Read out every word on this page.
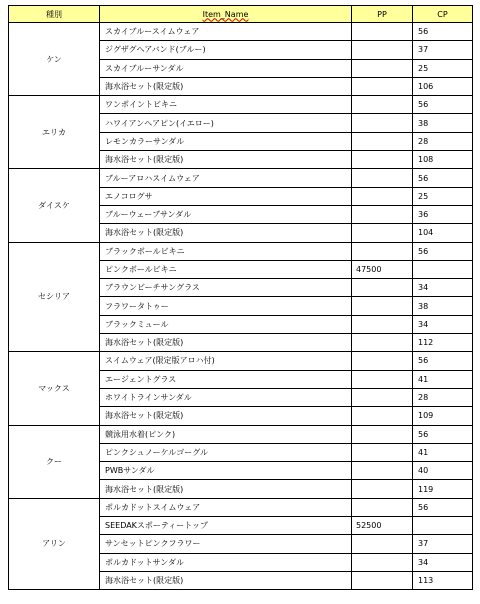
種別	Item_Name	PP	CP
ケン	スカイブルースイムウェア		56
	ジグザグヘアバンド(ブルー)		37
	スカイブルーサンダル		25
	海水浴セット(限定版)		106
エリカ	ワンポイントビキニ		56
	ハワイアンヘアピン(イエロー)		38
	レモンカラーサンダル		28
	海水浴セット(限定版)		108
ダイスケ	ブルーアロハスイムウェア		56
	エノコログサ		25
	ブルーウェーブサンダル		36
	海水浴セット(限定版)		104
セシリア	ブラックボールビキニ		56
	ピンクボールビキニ	47500	
	ブラウンビーチサングラス		34
	フラワータトゥー		38
	ブラックミュール		34
	海水浴セット(限定版)		112
マックス	スイムウェア(限定版アロハ付)		56
	エージェントグラス		41
	ホワイトラインサンダル		28
	海水浴セット(限定版)		109
クー	競泳用水着(ピンク)		56
	ピンクシュノーケルゴーグル		41
	PWBサンダル		40
	海水浴セット(限定版)		119
アリン	ポルカドットスイムウェア		56
	SEEDAKスポーティートップ	52500	
	サンセットピンクフラワー		37
	ポルカドットサンダル		34
	海水浴セット(限定版)		113
